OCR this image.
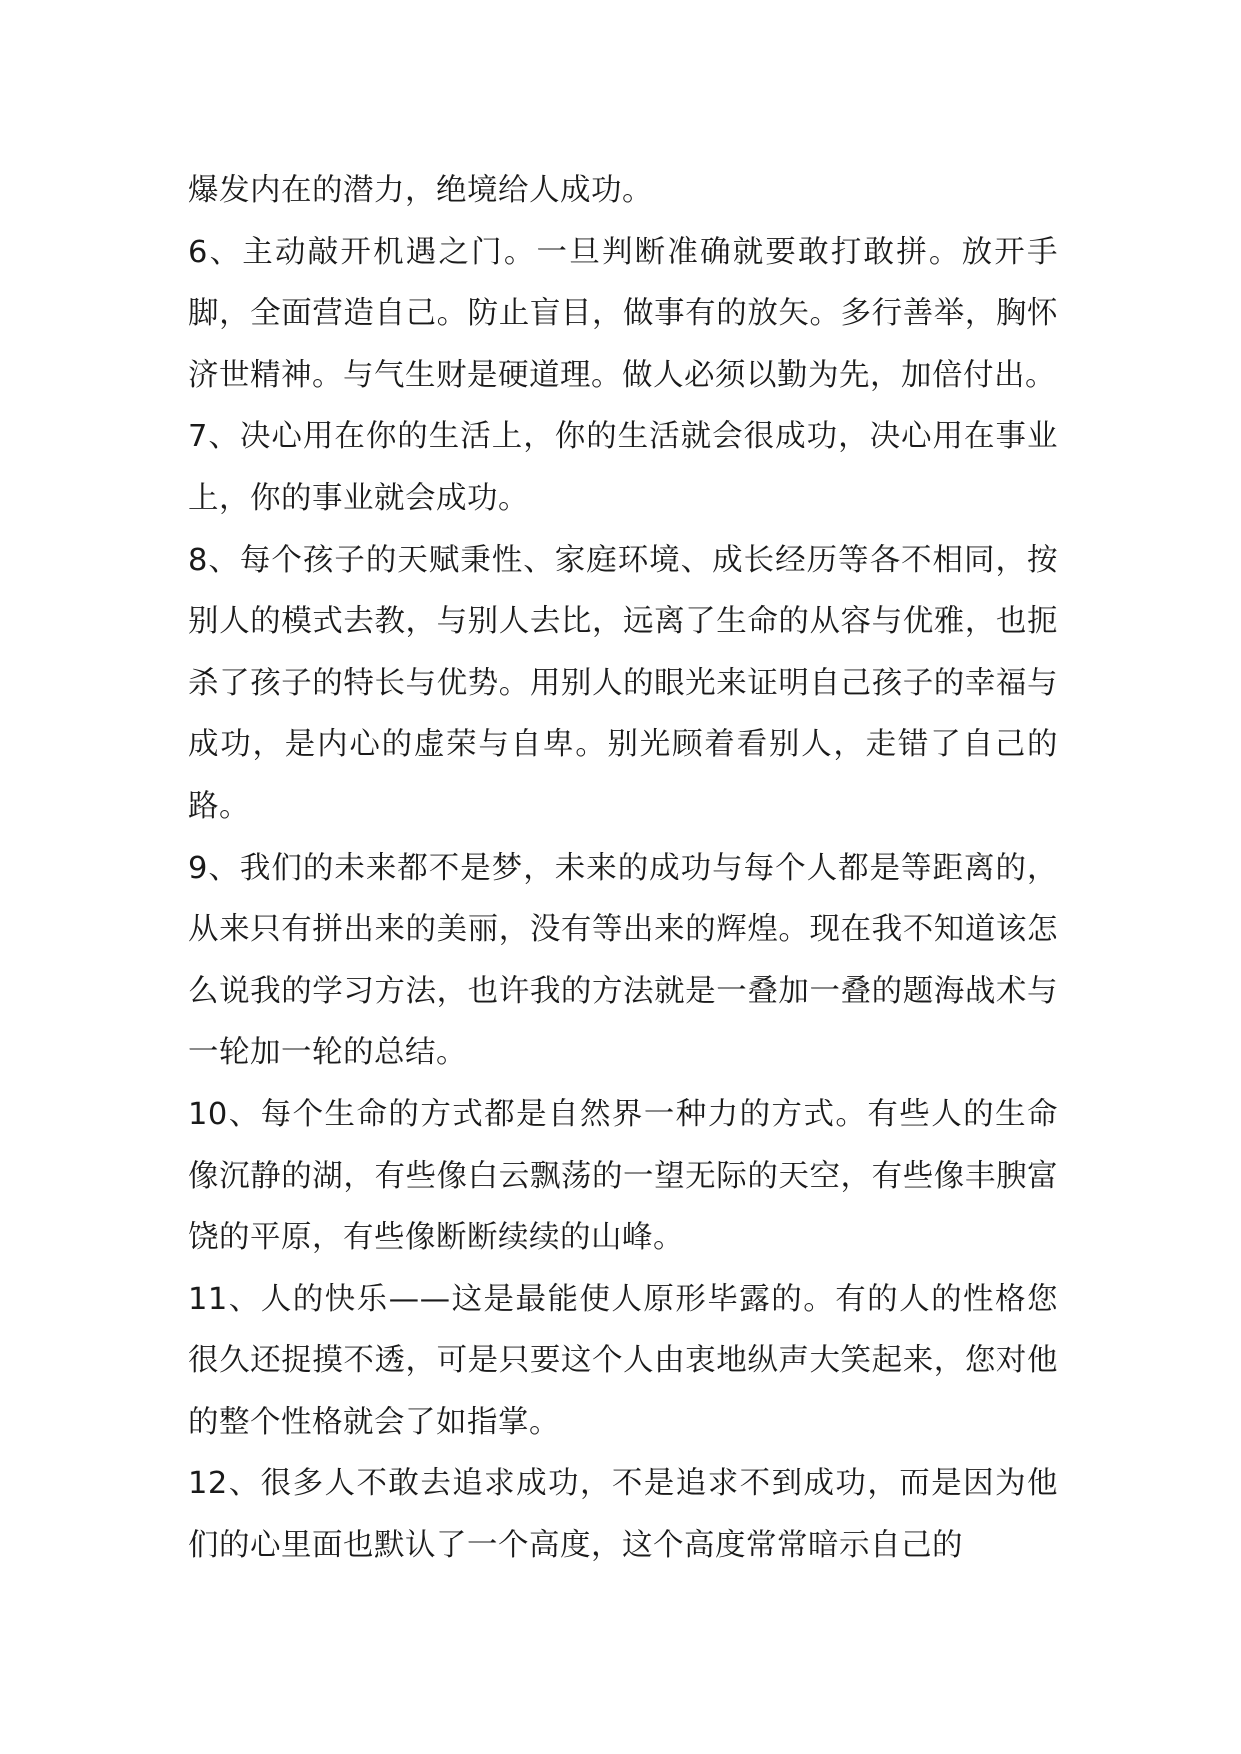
爆发内在的潜力，绝境给人成功。

6、主动敲开机遇之门。一旦判断准确就要敢打敢拼。放开手脚，全面营造自己。防止盲目，做事有的放矢。多行善举，胸怀济世精神。与气生财是硬道理。做人必须以勤为先，加倍付出。

7、决心用在你的生活上，你的生活就会很成功，决心用在事业上，你的事业就会成功。

8、每个孩子的天赋秉性、家庭环境、成长经历等各不相同，按别人的模式去教，与别人去比，远离了生命的从容与优雅，也扼杀了孩子的特长与优势。用别人的眼光来证明自己孩子的幸福与成功，是内心的虚荣与自卑。别光顾着看别人，走错了自己的路。

9、我们的未来都不是梦，未来的成功与每个人都是等距离的，从来只有拼出来的美丽，没有等出来的辉煌。现在我不知道该怎么说我的学习方法，也许我的方法就是一叠加一叠的题海战术与一轮加一轮的总结。

10、每个生命的方式都是自然界一种力的方式。有些人的生命像沉静的湖，有些像白云飘荡的一望无际的天空，有些像丰腴富饶的平原，有些像断断续续的山峰。

11、人的快乐——这是最能使人原形毕露的。有的人的性格您很久还捉摸不透，可是只要这个人由衷地纵声大笑起来，您对他的整个性格就会了如指掌。

12、很多人不敢去追求成功，不是追求不到成功，而是因为他们的心里面也默认了一个高度，这个高度常常暗示自己的
